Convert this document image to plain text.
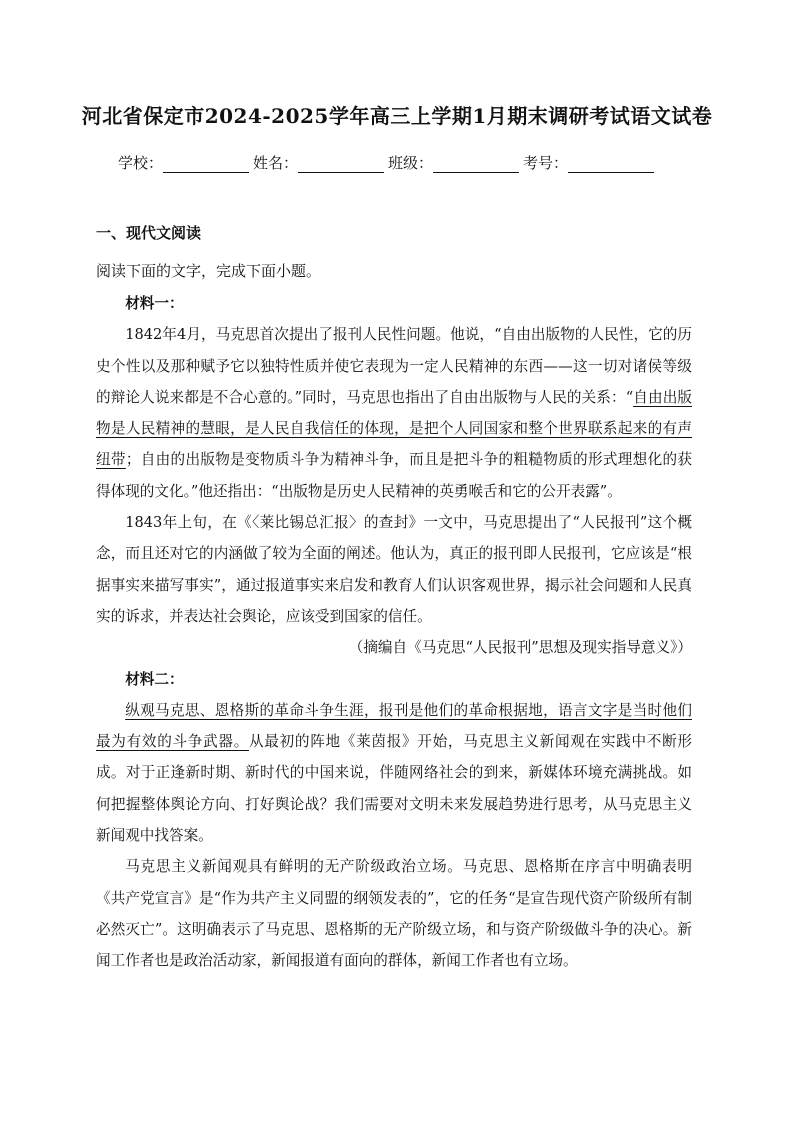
河北省保定市2024-2025学年高三上学期1月期末调研考试语文试卷
学校：	姓名：	班级：	考号：
一、现代文阅读
阅读下面的文字，完成下面小题。

材料一：

1842年4月，马克思首次提出了报刊人民性问题。他说，“自由出版物的人民性，它的历史个性以及那种赋予它以独特性质并使它表现为一定人民精神的东西——这一切对诸侯等级的辩论人说来都是不合心意的。”同时，马克思也指出了自由出版物与人民的关系：“自由出版物是人民精神的慧眼，是人民自我信任的体现，是把个人同国家和整个世界联系起来的有声纽带；自由的出版物是变物质斗争为精神斗争，而且是把斗争的粗糙物质的形式理想化的获得体现的文化。”他还指出：“出版物是历史人民精神的英勇喉舌和它的公开表露”。

1843年上旬，在《〈莱比锡总汇报〉的查封》一文中，马克思提出了“人民报刊”这个概念，而且还对它的内涵做了较为全面的阐述。他认为，真正的报刊即人民报刊，它应该是“根据事实来描写事实”，通过报道事实来启发和教育人们认识客观世界，揭示社会问题和人民真实的诉求，并表达社会舆论，应该受到国家的信任。

（摘编自《马克思“人民报刊”思想及现实指导意义》）

材料二：

纵观马克思、恩格斯的革命斗争生涯，报刊是他们的革命根据地，语言文字是当时他们最为有效的斗争武器。从最初的阵地《莱茵报》开始，马克思主义新闻观在实践中不断形成。对于正逢新时期、新时代的中国来说，伴随网络社会的到来，新媒体环境充满挑战。如何把握整体舆论方向、打好舆论战？我们需要对文明未来发展趋势进行思考，从马克思主义新闻观中找答案。

马克思主义新闻观具有鲜明的无产阶级政治立场。马克思、恩格斯在序言中明确表明《共产党宣言》是“作为共产主义同盟的纲领发表的”，它的任务“是宣告现代资产阶级所有制必然灭亡”。这明确表示了马克思、恩格斯的无产阶级立场，和与资产阶级做斗争的决心。新闻工作者也是政治活动家，新闻报道有面向的群体，新闻工作者也有立场。
